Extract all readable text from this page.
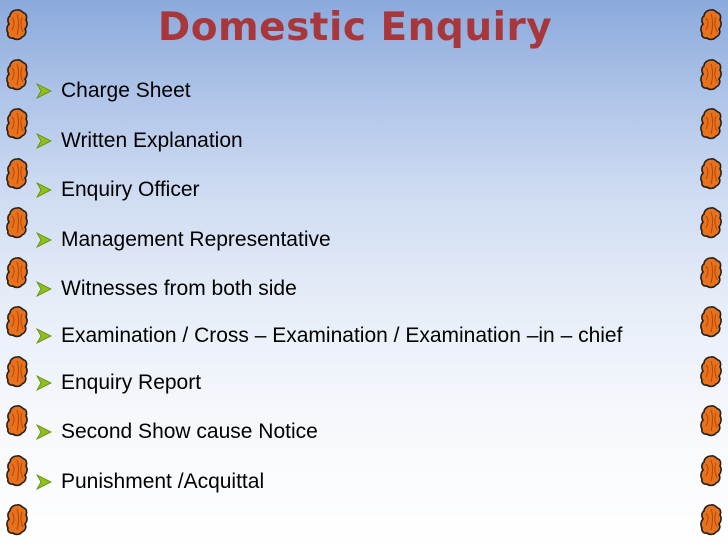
Domestic Enquiry
Charge Sheet
Written Explanation
Enquiry Officer
Management Representative
Witnesses from both side
Examination / Cross – Examination / Examination –in – chief
Enquiry Report
Second Show cause Notice
Punishment /Acquittal
